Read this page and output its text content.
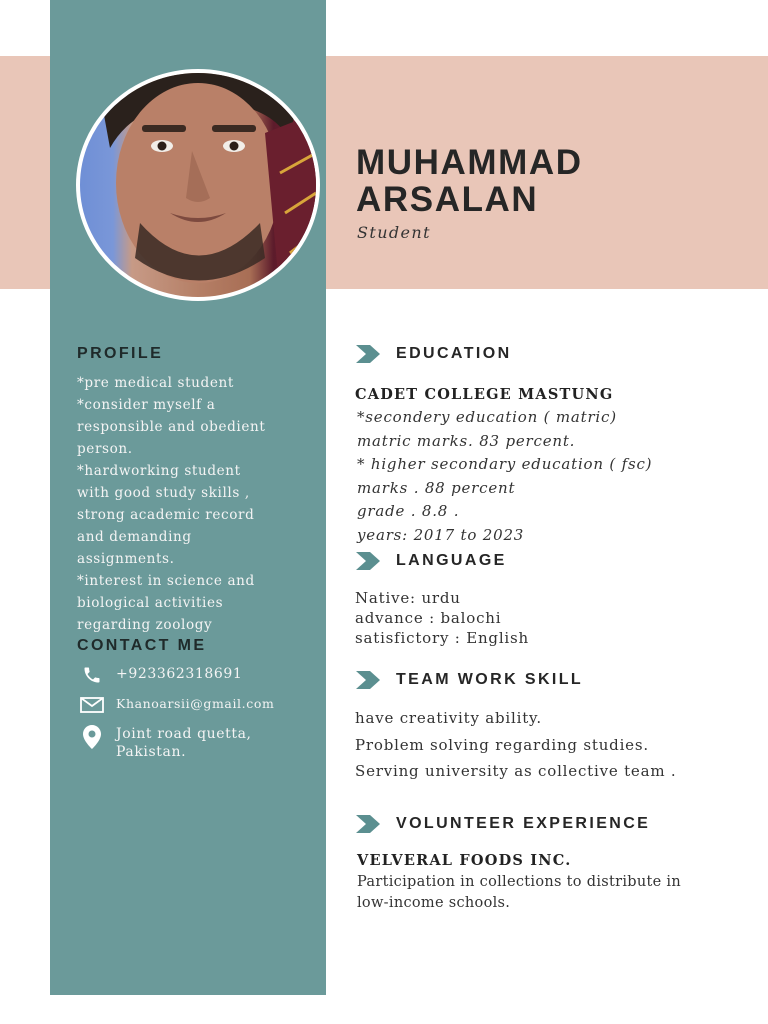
MUHAMMAD
ARSALAN
Student
PROFILE
*pre medical student
*consider myself a
responsible and obedient
person.
*hardworking student
with good study skills ,
strong academic record
and demanding
assignments.
*interest in science and
biological activities
regarding zoology
CONTACT ME
+923362318691
Khanoarsii@gmail.com
Joint road quetta,
Pakistan.
EDUCATION
CADET COLLEGE MASTUNG
*secondery education ( matric)
matric marks. 83 percent.
* higher secondary education ( fsc)
marks . 88 percent
grade . 8.8 .
years: 2017 to 2023
LANGUAGE
Native: urdu
advance : balochi
satisfictory : English
TEAM WORK SKILL
have creativity ability.
Problem solving regarding studies.
Serving university as collective team .
VOLUNTEER EXPERIENCE
VELVERAL FOODS INC.
Participation in collections to distribute in
low-income schools.
